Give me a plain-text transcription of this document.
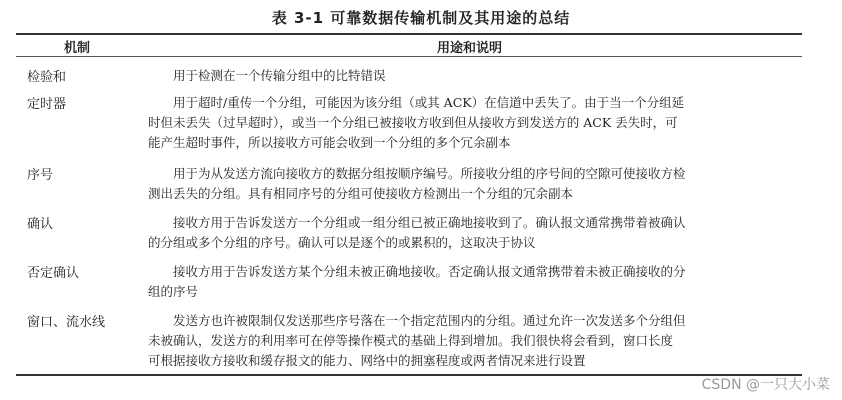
表 3-1 可靠数据传输机制及其用途的总结
机制	用途和说明
检验和	用于检测在一个传输分组中的比特错误
定时器	用于超时/重传一个分组，可能因为该分组（或其 ACK）在信道中丢失了。由于当一个分组延
时但未丢失（过早超时），或当一个分组已被接收方收到但从接收方到发送方的 ACK 丢失时，可
能产生超时事件，所以接收方可能会收到一个分组的多个冗余副本
序号	用于为从发送方流向接收方的数据分组按顺序编号。所接收分组的序号间的空隙可使接收方检
测出丢失的分组。具有相同序号的分组可使接收方检测出一个分组的冗余副本
确认	接收方用于告诉发送方一个分组或一组分组已被正确地接收到了。确认报文通常携带着被确认
的分组或多个分组的序号。确认可以是逐个的或累积的，这取决于协议
否定确认	接收方用于告诉发送方某个分组未被正确地接收。否定确认报文通常携带着未被正确接收的分
组的序号
窗口、流水线	发送方也许被限制仅发送那些序号落在一个指定范围内的分组。通过允许一次发送多个分组但
未被确认，发送方的利用率可在停等操作模式的基础上得到增加。我们很快将会看到，窗口长度
可根据接收方接收和缓存报文的能力、网络中的拥塞程度或两者情况来进行设置
CSDN @一只大小菜
